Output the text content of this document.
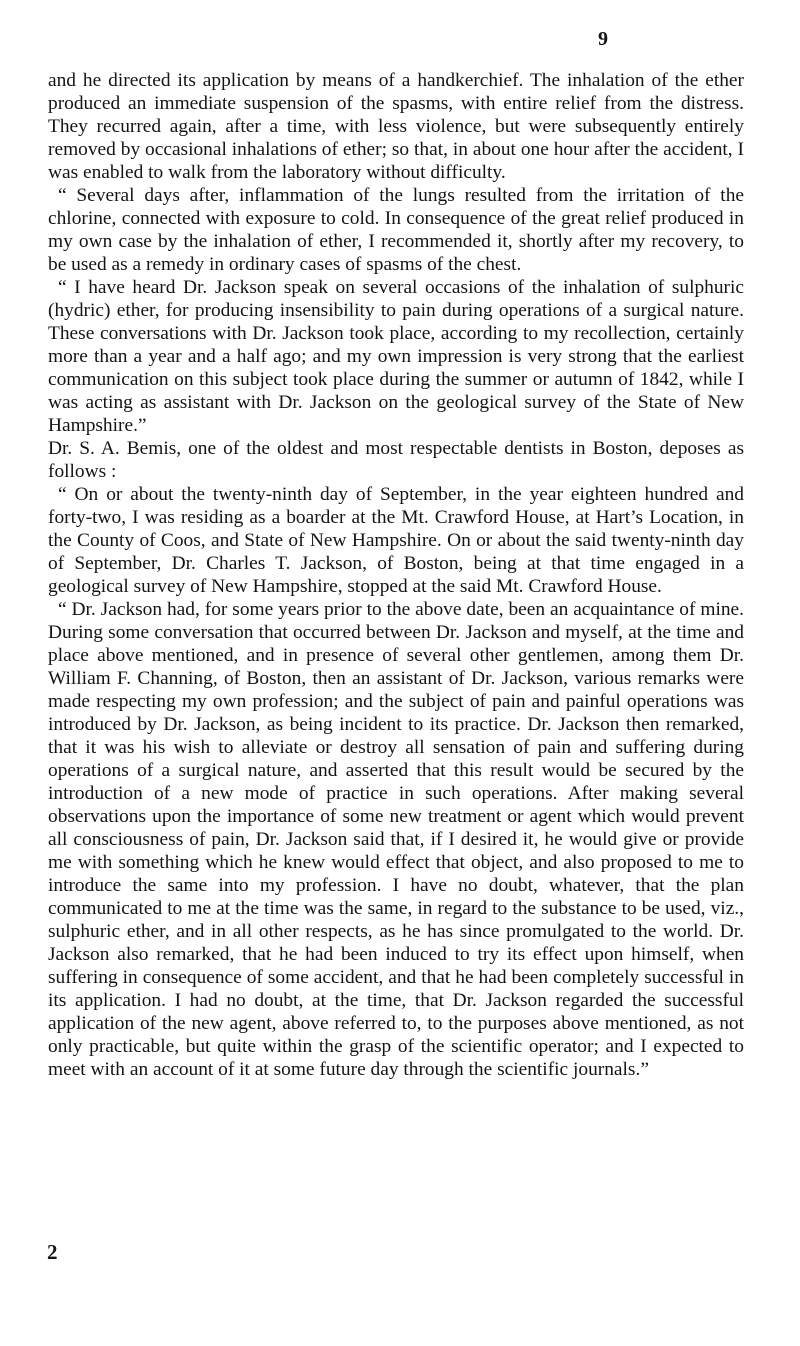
9

and he directed its application by means of a handkerchief. The inhalation of the ether produced an immediate suspension of the spasms, with entire relief from the distress. They recurred again, after a time, with less violence, but were subsequently entirely removed by occasional inhalations of ether; so that, in about one hour after the accident, I was enabled to walk from the laboratory without difficulty.

“ Several days after, inflammation of the lungs resulted from the irritation of the chlorine, connected with exposure to cold. In consequence of the great relief produced in my own case by the inhalation of ether, I recommended it, shortly after my recovery, to be used as a remedy in ordinary cases of spasms of the chest.

“ I have heard Dr. Jackson speak on several occasions of the inhalation of sulphuric (hydric) ether, for producing insensibility to pain during operations of a surgical nature. These conversations with Dr. Jackson took place, according to my recollection, certainly more than a year and a half ago; and my own impression is very strong that the earliest communication on this subject took place during the summer or autumn of 1842, while I was acting as assistant with Dr. Jackson on the geological survey of the State of New Hampshire.”

Dr. S. A. Bemis, one of the oldest and most respectable dentists in Boston, deposes as follows :

“ On or about the twenty-ninth day of September, in the year eighteen hundred and forty-two, I was residing as a boarder at the Mt. Crawford House, at Hart’s Location, in the County of Coos, and State of New Hampshire. On or about the said twenty-ninth day of September, Dr. Charles T. Jackson, of Boston, being at that time engaged in a geological survey of New Hampshire, stopped at the said Mt. Crawford House.

“ Dr. Jackson had, for some years prior to the above date, been an acquaintance of mine. During some conversation that occurred between Dr. Jackson and myself, at the time and place above mentioned, and in presence of several other gentlemen, among them Dr. William F. Channing, of Boston, then an assistant of Dr. Jackson, various remarks were made respecting my own profession; and the subject of pain and painful operations was introduced by Dr. Jackson, as being incident to its practice. Dr. Jackson then remarked, that it was his wish to alleviate or destroy all sensation of pain and suffering during operations of a surgical nature, and asserted that this result would be secured by the introduction of a new mode of practice in such operations. After making several observations upon the importance of some new treatment or agent which would prevent all consciousness of pain, Dr. Jackson said that, if I desired it, he would give or provide me with something which he knew would effect that object, and also proposed to me to introduce the same into my profession. I have no doubt, whatever, that the plan communicated to me at the time was the same, in regard to the substance to be used, viz., sulphuric ether, and in all other respects, as he has since promulgated to the world. Dr. Jackson also remarked, that he had been induced to try its effect upon himself, when suffering in consequence of some accident, and that he had been completely successful in its application. I had no doubt, at the time, that Dr. Jackson regarded the successful application of the new agent, above referred to, to the purposes above mentioned, as not only practicable, but quite within the grasp of the scientific operator; and I expected to meet with an account of it at some future day through the scientific journals.”

2
